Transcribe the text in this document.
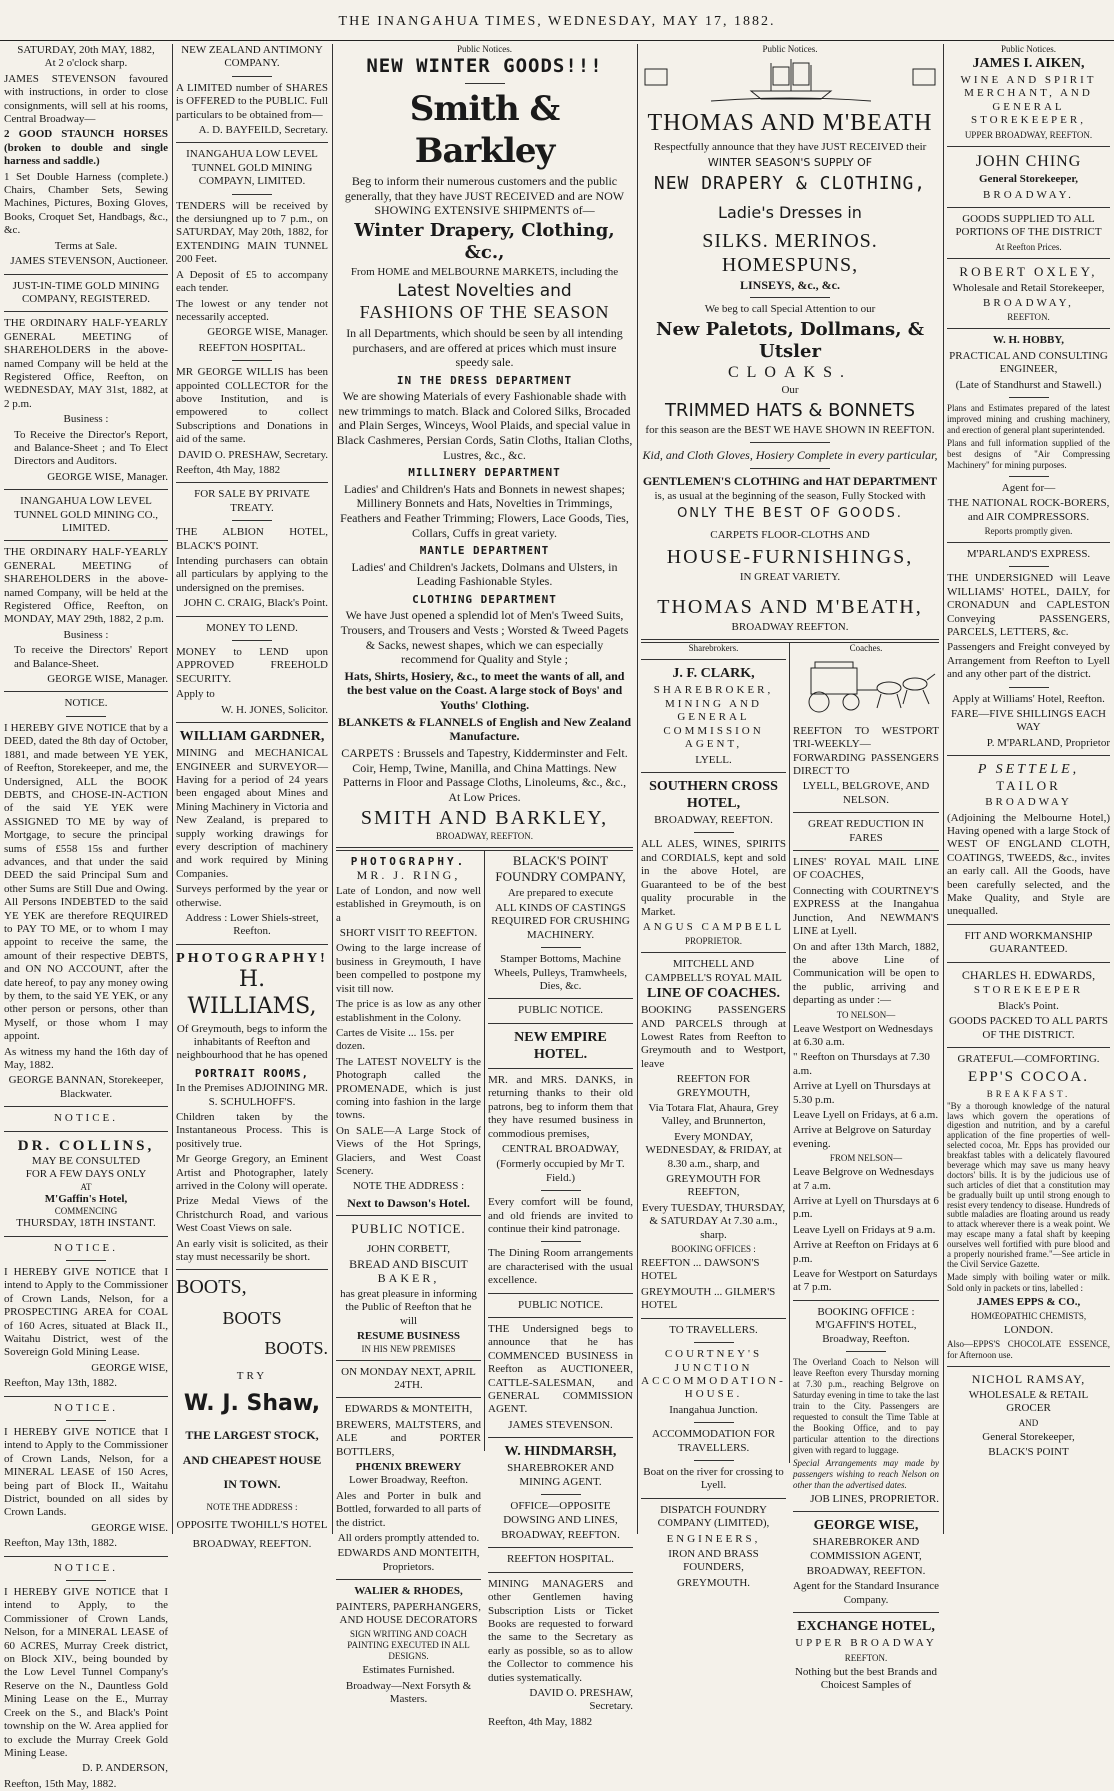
THE INANGAHUA TIMES, WEDNESDAY, MAY 17, 1882.
SATURDAY, 20th MAY, 1882,
At 2 o'clock sharp.

JAMES STEVENSON favoured with instructions, in order to close consignments, will sell at his rooms, Central Broadway—

2 GOOD STAUNCH HORSES (broken to double and single harness and saddle.)

1 Set Double Harness (complete.) Chairs, Chamber Sets, Sewing Machines, Pictures, Boxing Gloves, Books, Croquet Set, Handbags, &c., &c.

Terms at Sale.

JAMES STEVENSON, Auctioneer.

JUST-IN-TIME GOLD MINING COMPANY, REGISTERED.

THE ORDINARY HALF-YEARLY GENERAL MEETING of SHAREHOLDERS in the above-named Company will be held at the Registered Office, Reefton, on WEDNESDAY, MAY 31st, 1882, at 2 p.m.

Business :

To Receive the Director's Report, and Balance-Sheet ; and To Elect Directors and Auditors.

GEORGE WISE, Manager.

INANGAHUA LOW LEVEL TUNNEL GOLD MINING CO., LIMITED.

THE ORDINARY HALF-YEARLY GENERAL MEETING of SHAREHOLDERS in the above-named Company, will be held at the Registered Office, Reefton, on MONDAY, MAY 29th, 1882, 2 p.m.

Business :

To receive the Directors' Report and Balance-Sheet.

GEORGE WISE, Manager.

NOTICE.

I HEREBY GIVE NOTICE that by a DEED, dated the 8th day of October, 1881, and made between YE YEK, of Reefton, Storekeeper, and me, the Undersigned, ALL the BOOK DEBTS, and CHOSE-IN-ACTION of the said YE YEK were ASSIGNED TO ME by way of Mortgage, to secure the principal sums of £558 15s and further advances, and that under the said DEED the said Principal Sum and other Sums are Still Due and Owing. All Persons INDEBTED to the said YE YEK are therefore REQUIRED to PAY TO ME, or to whom I may appoint to receive the same, the amount of their respective DEBTS, and ON NO ACCOUNT, after the date hereof, to pay any money owing by them, to the said YE YEK, or any other person or persons, other than Myself, or those whom I may appoint.

As witness my hand the 16th day of May, 1882.

GEORGE BANNAN, Storekeeper, Blackwater.

NOTICE.
DR. COLLINS,
MAY BE CONSULTED
FOR A FEW DAYS ONLY
AT
M'Gaffin's Hotel,
COMMENCING
THURSDAY, 18TH INSTANT.
NOTICE.

I HEREBY GIVE NOTICE that I intend to Apply to the Commissioner of Crown Lands, Nelson, for a PROSPECTING AREA for COAL of 160 Acres, situated at Black II., Waitahu District, west of the Sovereign Gold Mining Lease.

GEORGE WISE,

Reefton, May 13th, 1882.

NOTICE.

I HEREBY GIVE NOTICE that I intend to Apply to the Commissioner of Crown Lands, Nelson, for a MINERAL LEASE of 150 Acres, being part of Block II., Waitahu District, bounded on all sides by Crown Lands.

GEORGE WISE.

Reefton, May 13th, 1882.

NOTICE.

I HEREBY GIVE NOTICE that I intend to Apply, to the Commissioner of Crown Lands, Nelson, for a MINERAL LEASE of 60 ACRES, Murray Creek district, on Block XIV., being bounded by the Low Level Tunnel Company's Reserve on the N., Dauntless Gold Mining Lease on the E., Murray Creek on the S., and Black's Point township on the W. Area applied for to exclude the Murray Creek Gold Mining Lease.

D. P. ANDERSON,

Reefton, 15th May, 1882.

NEW ZEALAND ANTIMONY COMPANY.

A LIMITED number of SHARES is OFFERED to the PUBLIC. Full particulars to be obtained from—

A. D. BAYFEILD, Secretary.

INANGAHUA LOW LEVEL TUNNEL GOLD MINING COMPAYN, LIMITED.

TENDERS will be received by the dersiungned up to 7 p.m., on SATURDAY, May 20th, 1882, for EXTENDING MAIN TUNNEL 200 Feet.

A Deposit of £5 to accompany each tender.

The lowest or any tender not necessarily accepted.

GEORGE WISE, Manager.

REEFTON HOSPITAL.

MR GEORGE WILLIS has been appointed COLLECTOR for the above Institution, and is empowered to collect Subscriptions and Donations in aid of the same.

DAVID O. PRESHAW, Secretary.

Reefton, 4th May, 1882

FOR SALE BY PRIVATE TREATY.

THE ALBION HOTEL, BLACK'S POINT.

Intending purchasers can obtain all particulars by applying to the undersigned on the premises.

JOHN C. CRAIG, Black's Point.

MONEY TO LEND.

MONEY to LEND upon APPROVED FREEHOLD SECURITY.

Apply to

W. H. JONES, Solicitor.

WILLIAM GARDNER,

MINING and MECHANICAL ENGINEER and SURVEYOR—Having for a period of 24 years been engaged about Mines and Mining Machinery in Victoria and New Zealand, is prepared to supply working drawings for every description of machinery and work required by Mining Companies.

Surveys performed by the year or otherwise.

Address : Lower Shiels-street, Reefton.

PHOTOGRAPHY!
H. WILLIAMS,

Of Greymouth, begs to inform the inhabitants of Reefton and neighbourhood that he has opened

PORTRAIT ROOMS,

In the Premises ADJOINING MR. S. SCHULHOFF'S.

Children taken by the Instantaneous Process. This is positively true.

Mr George Gregory, an Eminent Artist and Photographer, lately arrived in the Colony will operate.

Prize Medal Views of the Christchurch Road, and various West Coast Views on sale.

An early visit is solicited, as their stay must necessarily be short.

BOOTS,
BOOTS
BOOTS.
TRY
W. J. Shaw,
THE LARGEST STOCK,
AND CHEAPEST HOUSE
IN TOWN.
NOTE THE ADDRESS :
OPPOSITE TWOHILL'S HOTEL
BROADWAY, REEFTON.
Public Notices.
NEW WINTER GOODS!!!
Smith & Barkley

Beg to inform their numerous customers and the public generally, that they have JUST RECEIVED and are NOW SHOWING EXTENSIVE SHIPMENTS of—

Winter Drapery, Clothing, &c.,

From HOME and MELBOURNE MARKETS, including the

Latest Novelties and
FASHIONS OF THE SEASON

In all Departments, which should be seen by all intending purchasers, and are offered at prices which must insure speedy sale.

IN THE DRESS DEPARTMENT

We are showing Materials of every Fashionable shade with new trimmings to match. Black and Colored Silks, Brocaded and Plain Serges, Winceys, Wool Plaids, and special value in Black Cashmeres, Persian Cords, Satin Cloths, Italian Cloths, Lustres, &c., &c.

MILLINERY DEPARTMENT

Ladies' and Children's Hats and Bonnets in newest shapes; Millinery Bonnets and Hats, Novelties in Trimmings, Feathers and Feather Trimming; Flowers, Lace Goods, Ties, Collars, Cuffs in great variety.

MANTLE DEPARTMENT

Ladies' and Children's Jackets, Dolmans and Ulsters, in Leading Fashionable Styles.

CLOTHING DEPARTMENT

We have Just opened a splendid lot of Men's Tweed Suits, Trousers, and Trousers and Vests ; Worsted & Tweed Pagets & Sacks, newest shapes, which we can especially recommend for Quality and Style ;

Hats, Shirts, Hosiery, &c., to meet the wants of all, and the best value on the Coast. A large stock of Boys' and Youths' Clothing.

BLANKETS & FLANNELS of English and New Zealand Manufacture.

CARPETS : Brussels and Tapestry, Kidderminster and Felt. Coir, Hemp, Twine, Manilla, and China Mattings. New Patterns in Floor and Passage Cloths, Linoleums, &c., &c., At Low Prices.

SMITH AND BARKLEY,
BROADWAY, REEFTON.
PHOTOGRAPHY.
MR. J. RING,

Late of London, and now well established in Greymouth, is on a

SHORT VISIT TO REEFTON.

Owing to the large increase of business in Greymouth, I have been compelled to postpone my visit till now.

The price is as low as any other establishment in the Colony.

Cartes de Visite ... 15s. per dozen.

The LATEST NOVELTY is the Photograph called the PROMENADE, which is just coming into fashion in the large towns.

On SALE—A Large Stock of Views of the Hot Springs, Glaciers, and West Coast Scenery.

NOTE THE ADDRESS :

Next to Dawson's Hotel.

PUBLIC NOTICE.
JOHN CORBETT,
BREAD AND BISCUIT
BAKER,

has great pleasure in informing the Public of Reefton that he will

RESUME BUSINESS
IN HIS NEW PREMISES
ON MONDAY NEXT, APRIL 24TH.
EDWARDS & MONTEITH,

BREWERS, MALTSTERS, and ALE and PORTER BOTTLERS,

PHŒNIX BREWERY
Lower Broadway, Reefton.

Ales and Porter in bulk and Bottled, forwarded to all parts of the district.

All orders promptly attended to.

EDWARDS AND MONTEITH, Proprietors.

WALIER & RHODES,

PAINTERS, PAPERHANGERS, AND HOUSE DECORATORS

SIGN WRITING AND COACH PAINTING EXECUTED IN ALL DESIGNS.

Estimates Furnished.

Broadway—Next Forsyth & Masters.

BLACK'S POINT FOUNDRY COMPANY,

Are prepared to execute

ALL KINDS OF CASTINGS REQUIRED FOR CRUSHING MACHINERY.

Stamper Bottoms, Machine Wheels, Pulleys, Tramwheels, Dies, &c.

PUBLIC NOTICE.
NEW EMPIRE HOTEL.

MR. and MRS. DANKS, in returning thanks to their old patrons, beg to inform them that they have resumed business in commodious premises,

CENTRAL BROADWAY,

(Formerly occupied by Mr T. Field.)

Every comfort will be found, and old friends are invited to continue their kind patronage.

The Dining Room arrangements are characterised with the usual excellence.

PUBLIC NOTICE.

THE Undersigned begs to announce that he has COMMENCED BUSINESS in Reefton as AUCTIONEER, CATTLE-SALESMAN, and GENERAL COMMISSION AGENT.

JAMES STEVENSON.

W. HINDMARSH,

SHAREBROKER AND MINING AGENT.

OFFICE—OPPOSITE DOWSING AND LINES,

BROADWAY, REEFTON.

REEFTON HOSPITAL.

MINING MANAGERS and other Gentlemen having Subscription Lists or Ticket Books are requested to forward the same to the Secretary as early as possible, so as to allow the Collector to commence his duties systematically.

DAVID O. PRESHAW, Secretary.

Reefton, 4th May, 1882

Public Notices.
THOMAS AND M'BEATH

Respectfully announce that they have JUST RECEIVED their

WINTER SEASON'S SUPPLY OF
NEW DRAPERY & CLOTHING,
Ladie's Dresses in
SILKS. MERINOS. HOMESPUNS,
LINSEYS, &c., &c.

We beg to call Special Attention to our

New Paletots, Dollmans, & Utsler
CLOAKS.

Our

TRIMMED HATS & BONNETS

for this season are the BEST WE HAVE SHOWN IN REEFTON.

Kid, and Cloth Gloves, Hosiery Complete in every particular,

GENTLEMEN'S CLOTHING and HAT DEPARTMENT

is, as usual at the beginning of the season, Fully Stocked with

ONLY THE BEST OF GOODS.

CARPETS FLOOR-CLOTHS AND

HOUSE-FURNISHINGS,

IN GREAT VARIETY.

THOMAS AND M'BEATH,

BROADWAY REEFTON.

Sharebrokers.
J. F. CLARK,

SHAREBROKER, MINING AND GENERAL COMMISSION AGENT,

LYELL.

SOUTHERN CROSS HOTEL,

BROADWAY, REEFTON.

ALL ALES, WINES, SPIRITS and CORDIALS, kept and sold in the above Hotel, are Guaranteed to be of the best quality procurable in the Market.

ANGUS CAMPBELL

PROPRIETOR.

MITCHELL AND CAMPBELL'S ROYAL MAIL
LINE OF COACHES.

BOOKING PASSENGERS AND PARCELS through at Lowest Rates from Reefton to Greymouth and to Westport, leave

REEFTON FOR GREYMOUTH,

Via Totara Flat, Ahaura, Grey Valley, and Brunnerton,

Every MONDAY, WEDNESDAY, & FRIDAY, at 8.30 a.m., sharp, and

GREYMOUTH FOR REEFTON,

Every TUESDAY, THURSDAY, & SATURDAY At 7.30 a.m., sharp.

BOOKING OFFICES :

REEFTON ... DAWSON'S HOTEL

GREYMOUTH ... GILMER'S HOTEL

TO TRAVELLERS.

COURTNEY'S JUNCTION ACCOMMODATION-HOUSE.

Inangahua Junction.

ACCOMMODATION FOR TRAVELLERS.

Boat on the river for crossing to Lyell.

DISPATCH FOUNDRY COMPANY (LIMITED),

ENGINEERS,

IRON AND BRASS FOUNDERS,

GREYMOUTH.

Coaches.

REEFTON TO WESTPORT TRI-WEEKLY—FORWARDING PASSENGERS DIRECT TO

LYELL, BELGROVE, AND NELSON.

GREAT REDUCTION IN FARES

LINES' ROYAL MAIL LINE OF COACHES,

Connecting with COURTNEY'S EXPRESS at the Inangahua Junction, And NEWMAN'S LINE at Lyell.

On and after 13th March, 1882, the above Line of Communication will be open to the public, arriving and departing as under :—

TO NELSON—

Leave Westport on Wednesdays at 6.30 a.m.

" Reefton on Thursdays at 7.30 a.m.

Arrive at Lyell on Thursdays at 5.30 p.m.

Leave Lyell on Fridays, at 6 a.m.

Arrive at Belgrove on Saturday evening.

FROM NELSON—

Leave Belgrove on Wednesdays at 7 a.m.

Arrive at Lyell on Thursdays at 6 p.m.

Leave Lyell on Fridays at 9 a.m.

Arrive at Reefton on Fridays at 6 p.m.

Leave for Westport on Saturdays at 7 p.m.

BOOKING OFFICE : M'GAFFIN'S HOTEL, Broadway, Reefton.

The Overland Coach to Nelson will leave Reefton every Thursday morning at 7.30 p.m., reaching Belgrove on Saturday evening in time to take the last train to the City. Passengers are requested to consult the Time Table at the Booking Office, and to pay particular attention to the directions given with regard to luggage.

Special Arrangements may made by passengers wishing to reach Nelson on other than the advertised dates.

JOB LINES, PROPRIETOR.

GEORGE WISE,

SHAREBROKER AND COMMISSION AGENT,

BROADWAY, REEFTON.

Agent for the Standard Insurance Company.

EXCHANGE HOTEL,

UPPER BROADWAY

REEFTON.

Nothing but the best Brands and Choicest Samples of

Public Notices.
JAMES I. AIKEN,

WINE AND SPIRIT MERCHANT, AND GENERAL STOREKEEPER,

UPPER BROADWAY, REEFTON.

JOHN CHING

General Storekeeper,

BROADWAY.

GOODS SUPPLIED TO ALL PORTIONS OF THE DISTRICT

At Reefton Prices.

ROBERT OXLEY,

Wholesale and Retail Storekeeper,

BROADWAY,

REEFTON.

W. H. HOBBY,

PRACTICAL AND CONSULTING ENGINEER,

(Late of Standhurst and Stawell.)

Plans and Estimates prepared of the latest improved mining and crushing machinery, and erection of general plant superintended.

Plans and full information supplied of the best designs of "Air Compressing Machinery" for mining purposes.

Agent for—

THE NATIONAL ROCK-BORERS, and AIR COMPRESSORS.

Reports promptly given.

M'PARLAND'S EXPRESS.

THE UNDERSIGNED will Leave WILLIAMS' HOTEL, DAILY, for CRONADUN and CAPLESTON Conveying PASSENGERS, PARCELS, LETTERS, &c.

Passengers and Freight conveyed by Arrangement from Reefton to Lyell and any other part of the district.

Apply at Williams' Hotel, Reefton.

FARE—FIVE SHILLINGS EACH WAY

P. M'PARLAND, Proprietor

P SETTELE,
TAILOR

BROADWAY

(Adjoining the Melbourne Hotel,) Having opened with a large Stock of WEST OF ENGLAND CLOTH, COATINGS, TWEEDS, &c., invites an early call. All the Goods, have been carefully selected, and the Make Quality, and Style are unequalled.

FIT AND WORKMANSHIP GUARANTEED.

CHARLES H. EDWARDS,

STOREKEEPER

Black's Point.

GOODS PACKED TO ALL PARTS OF THE DISTRICT.

GRATEFUL—COMFORTING.

EPP'S COCOA.

BREAKFAST.

"By a thorough knowledge of the natural laws which govern the operations of digestion and nutrition, and by a careful application of the fine properties of well-selected cocoa, Mr. Epps has provided our breakfast tables with a delicately flavoured beverage which may save us many heavy doctors' bills. It is by the judicious use of such articles of diet that a constitution may be gradually built up until strong enough to resist every tendency to disease. Hundreds of subtle maladies are floating around us ready to attack wherever there is a weak point. We may escape many a fatal shaft by keeping ourselves well fortified with pure blood and a properly nourished frame."—See article in the Civil Service Gazette.

Made simply with boiling water or milk. Sold only in packets or tins, labelled :

JAMES EPPS & CO.,

HOMŒOPATHIC CHEMISTS,

LONDON.

Also—EPPS'S CHOCOLATE ESSENCE, for Afternoon use.

NICHOL RAMSAY,

WHOLESALE & RETAIL GROCER

AND

General Storekeeper,

BLACK'S POINT
